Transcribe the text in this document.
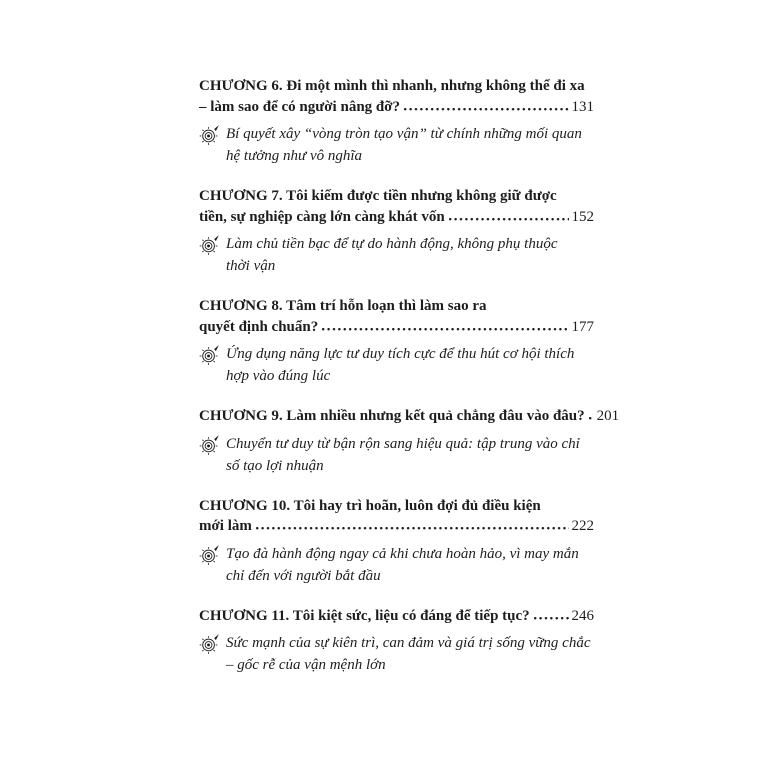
CHƯƠNG 6. Đi một mình thì nhanh, nhưng không thể đi xa
– làm sao để có người nâng đỡ?	131
Bí quyết xây “vòng tròn tạo vận” từ chính những mối quan
hệ tưởng như vô nghĩa
CHƯƠNG 7. Tôi kiếm được tiền nhưng không giữ được
tiền, sự nghiệp càng lớn càng khát vốn	152
Làm chủ tiền bạc để tự do hành động, không phụ thuộc
thời vận
CHƯƠNG 8. Tâm trí hỗn loạn thì làm sao ra
quyết định chuẩn?	177
Ứng dụng năng lực tư duy tích cực để thu hút cơ hội thích
hợp vào đúng lúc
CHƯƠNG 9. Làm nhiều nhưng kết quả chẳng đâu vào đâu? 201
Chuyển tư duy từ bận rộn sang hiệu quả: tập trung vào chỉ
số tạo lợi nhuận
CHƯƠNG 10. Tôi hay trì hoãn, luôn đợi đủ điều kiện
mới làm	222
Tạo đà hành động ngay cả khi chưa hoàn hảo, vì may mắn
chỉ đến với người bắt đầu
CHƯƠNG 11. Tôi kiệt sức, liệu có đáng để tiếp tục?	246
Sức mạnh của sự kiên trì, can đảm và giá trị sống vững chắc
– gốc rễ của vận mệnh lớn
